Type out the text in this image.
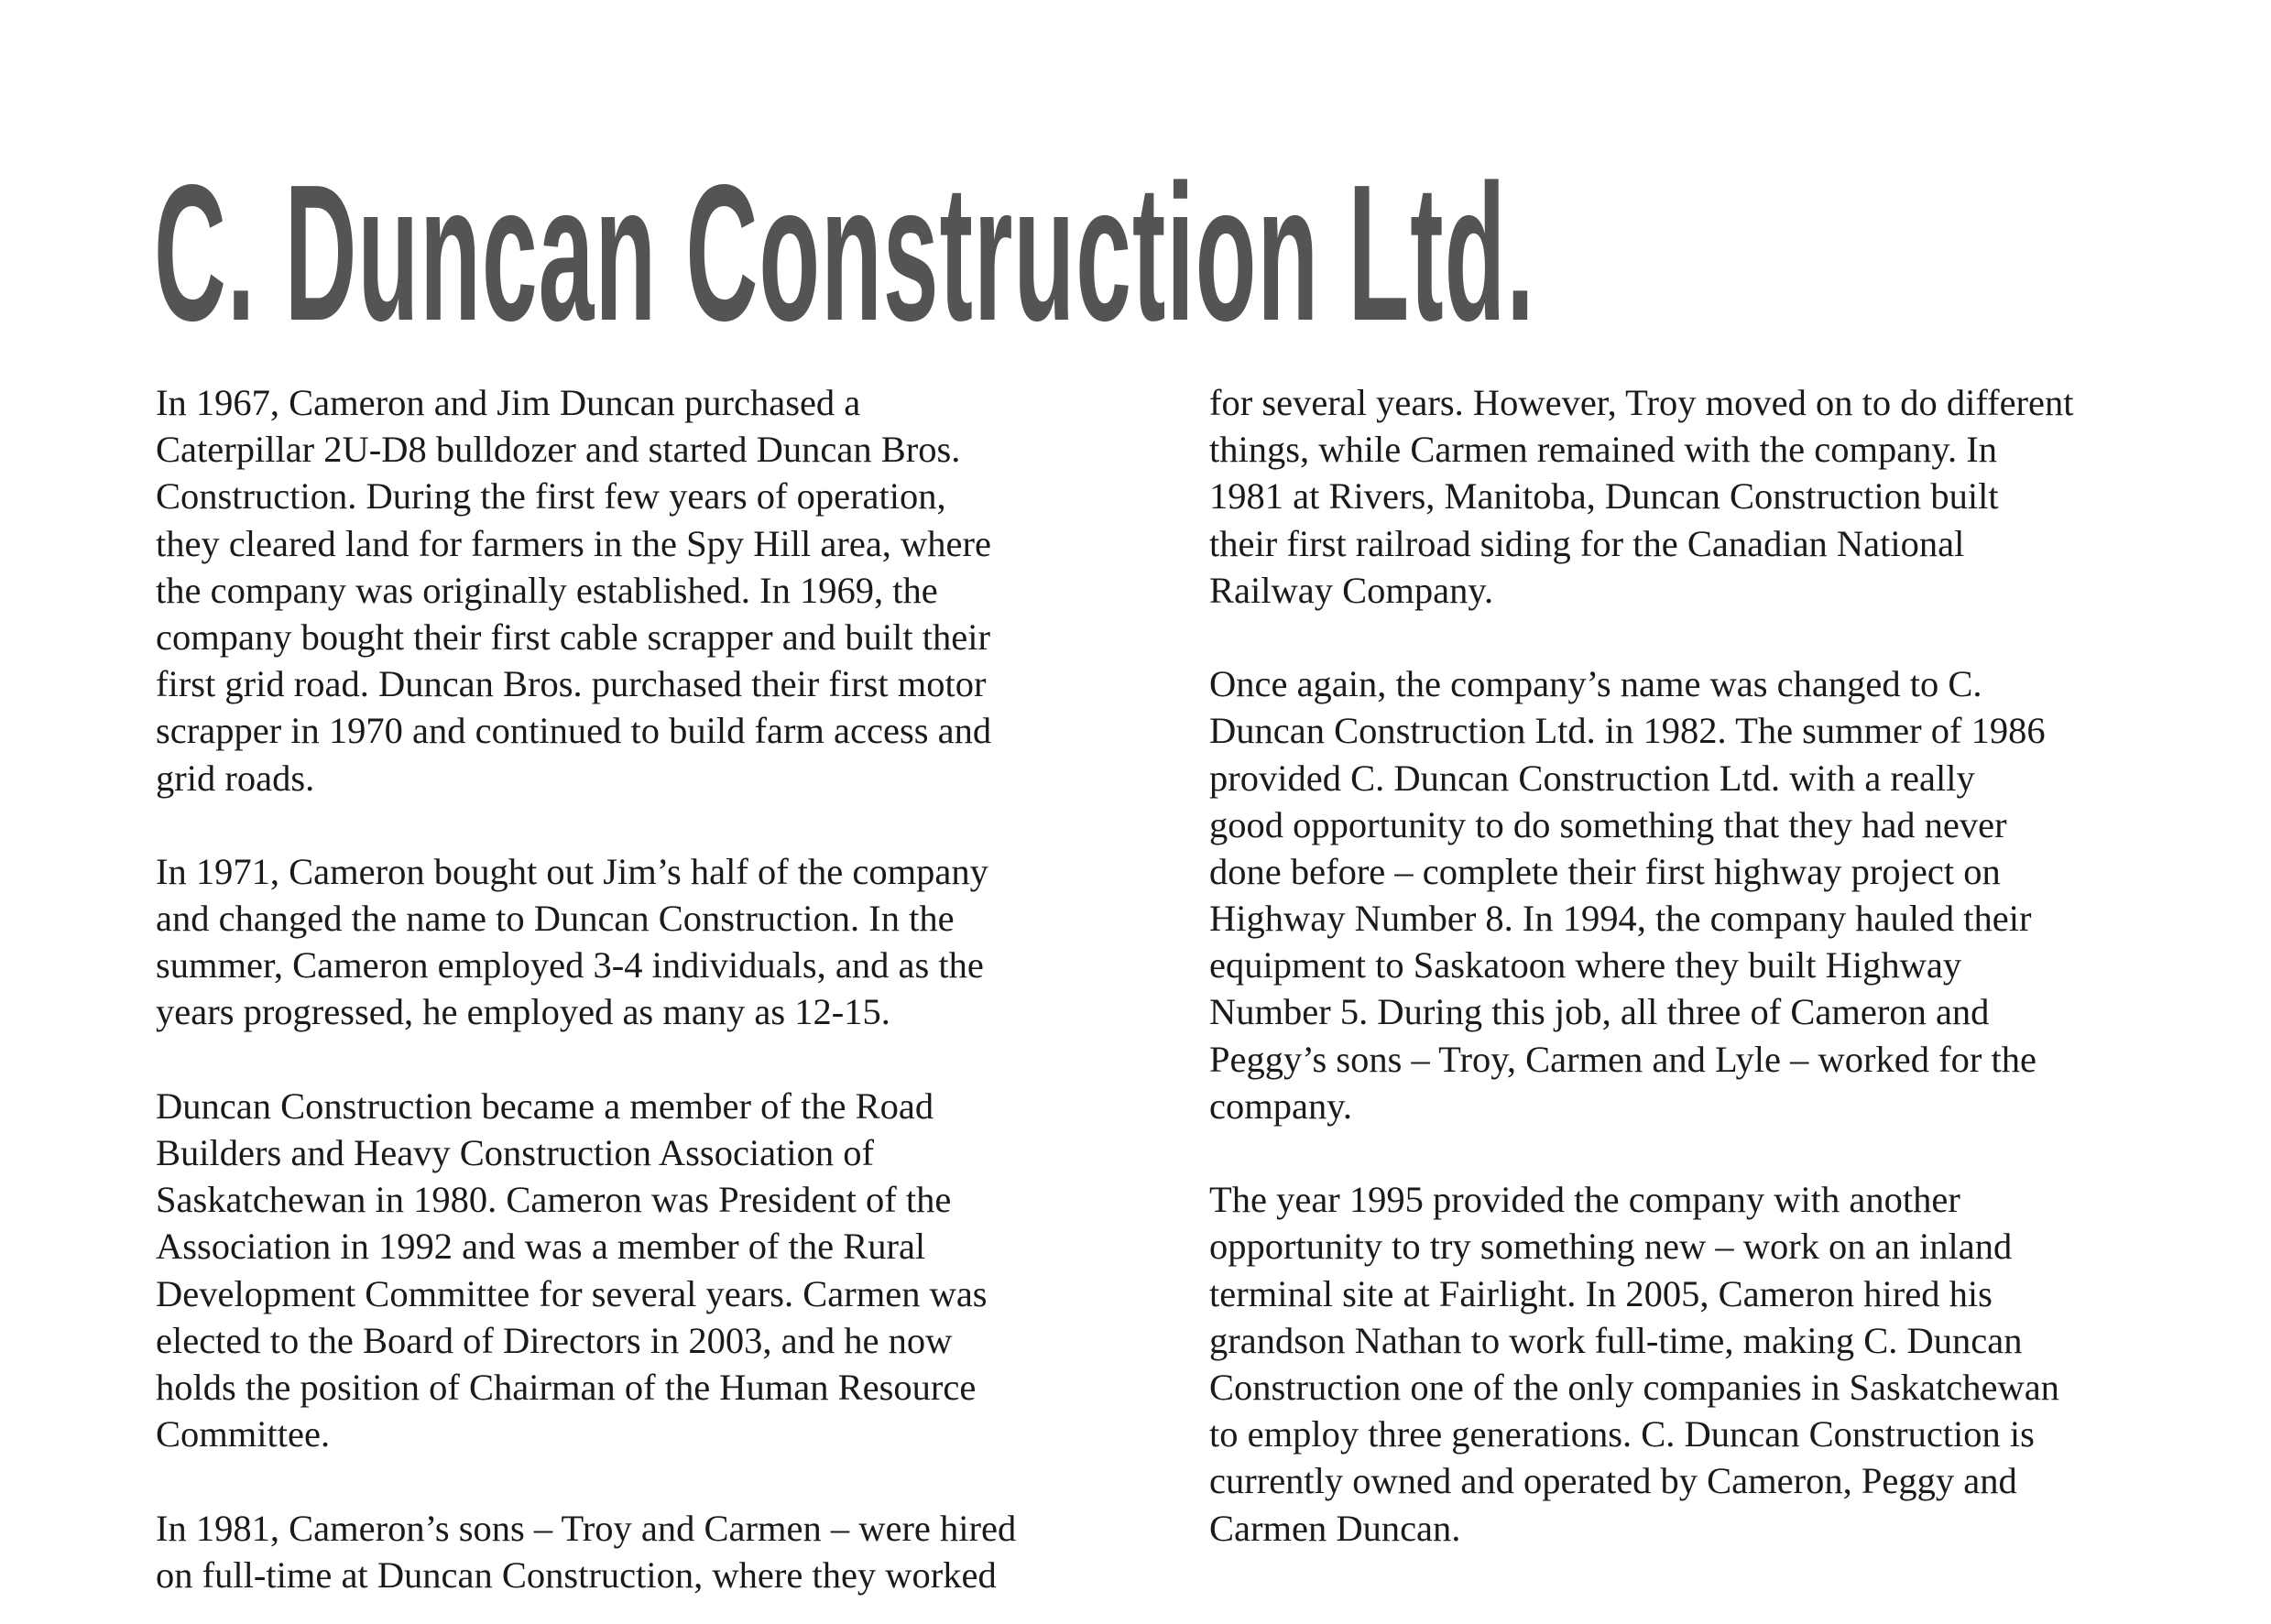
C. Duncan Construction Ltd.
In 1967, Cameron and Jim Duncan purchased a
Caterpillar 2U-D8 bulldozer and started Duncan Bros.
Construction. During the first few years of operation,
they cleared land for farmers in the Spy Hill area, where
the company was originally established. In 1969, the
company bought their first cable scrapper and built their
first grid road. Duncan Bros. purchased their first motor
scrapper in 1970 and continued to build farm access and
grid roads.
In 1971, Cameron bought out Jim’s half of the company
and changed the name to Duncan Construction. In the
summer, Cameron employed 3-4 individuals, and as the
years progressed, he employed as many as 12-15.
Duncan Construction became a member of the Road
Builders and Heavy Construction Association of
Saskatchewan in 1980. Cameron was President of the
Association in 1992 and was a member of the Rural
Development Committee for several years. Carmen was
elected to the Board of Directors in 2003, and he now
holds the position of Chairman of the Human Resource
Committee.
In 1981, Cameron’s sons – Troy and Carmen – were hired
on full-time at Duncan Construction, where they worked
for several years. However, Troy moved on to do different
things, while Carmen remained with the company. In
1981 at Rivers, Manitoba, Duncan Construction built
their first railroad siding for the Canadian National
Railway Company.
Once again, the company’s name was changed to C.
Duncan Construction Ltd. in 1982. The summer of 1986
provided C. Duncan Construction Ltd. with a really
good opportunity to do something that they had never
done before – complete their first highway project on
Highway Number 8. In 1994, the company hauled their
equipment to Saskatoon where they built Highway
Number 5. During this job, all three of Cameron and
Peggy’s sons – Troy, Carmen and Lyle – worked for the
company.
The year 1995 provided the company with another
opportunity to try something new – work on an inland
terminal site at Fairlight. In 2005, Cameron hired his
grandson Nathan to work full-time, making C. Duncan
Construction one of the only companies in Saskatchewan
to employ three generations. C. Duncan Construction is
currently owned and operated by Cameron, Peggy and
Carmen Duncan.
